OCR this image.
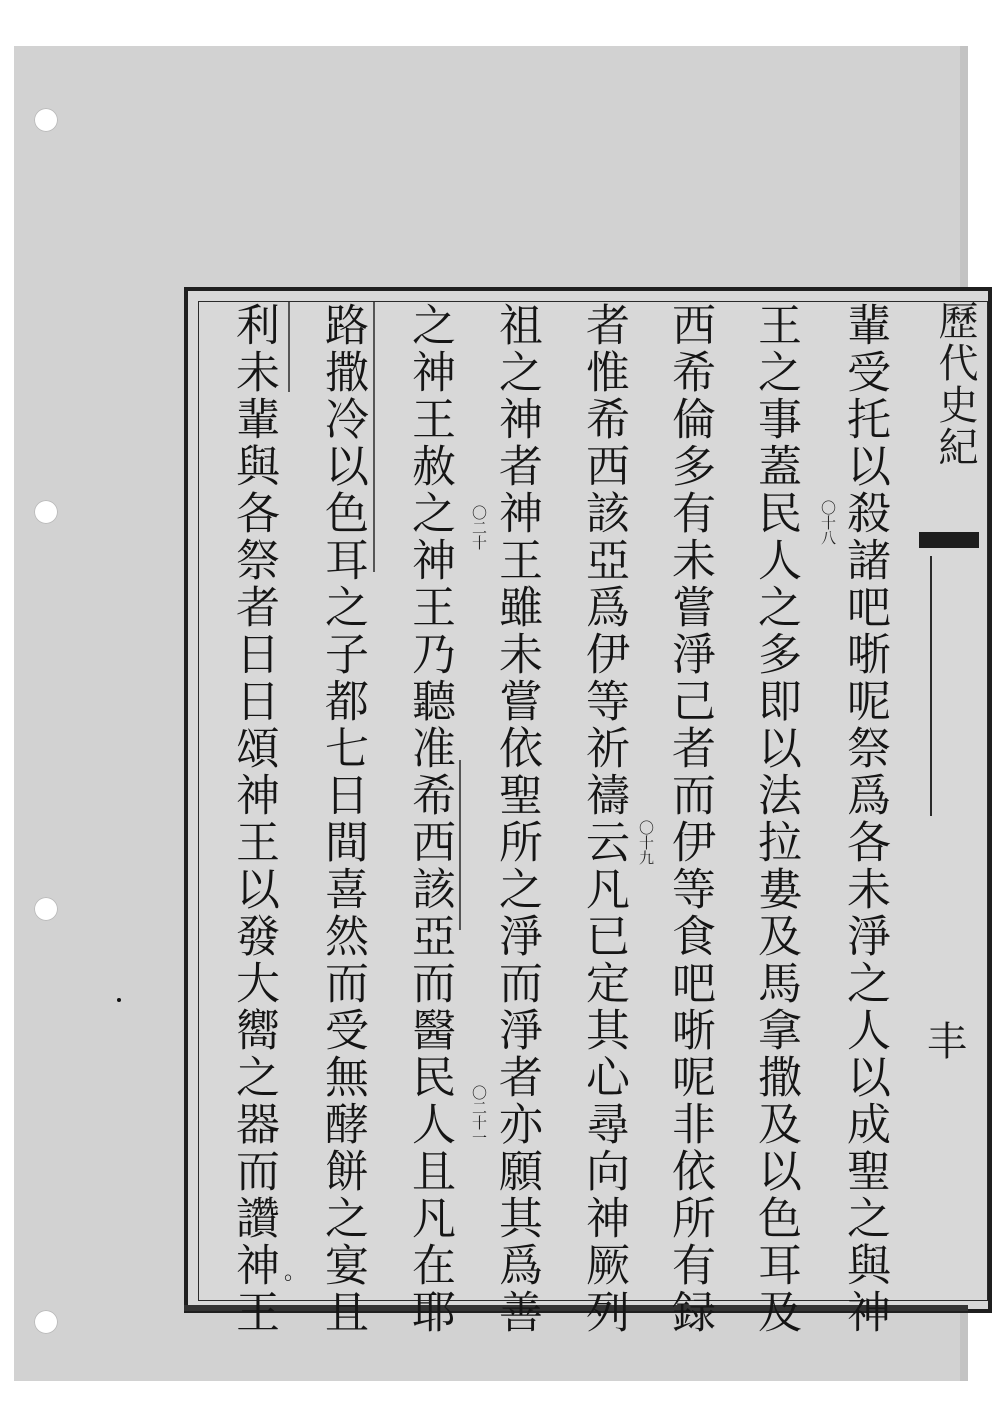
歷代史紀
丰
輩受托以殺諸吧哳呢祭爲各未淨之人以成聖之與神
王之事蓋民人之多即以法拉婁及馬拿撒及以色耳及
西希倫多有未嘗淨己者而伊等食吧哳呢非依所有録
者惟希西該亞爲伊等祈禱云凡已定其心尋向神厥列
祖之神者神王雖未嘗依聖所之淨而淨者亦願其爲善
之神王赦之神王乃聽准希西該亞而醫民人且凡在耶
路撒冷以色耳之子都七日間喜然而受無酵餅之宴且
利未輩與各祭者日日頌神王以發大嚮之器而讚神王	〇十八
〇十九
〇二十
〇二十一
。
